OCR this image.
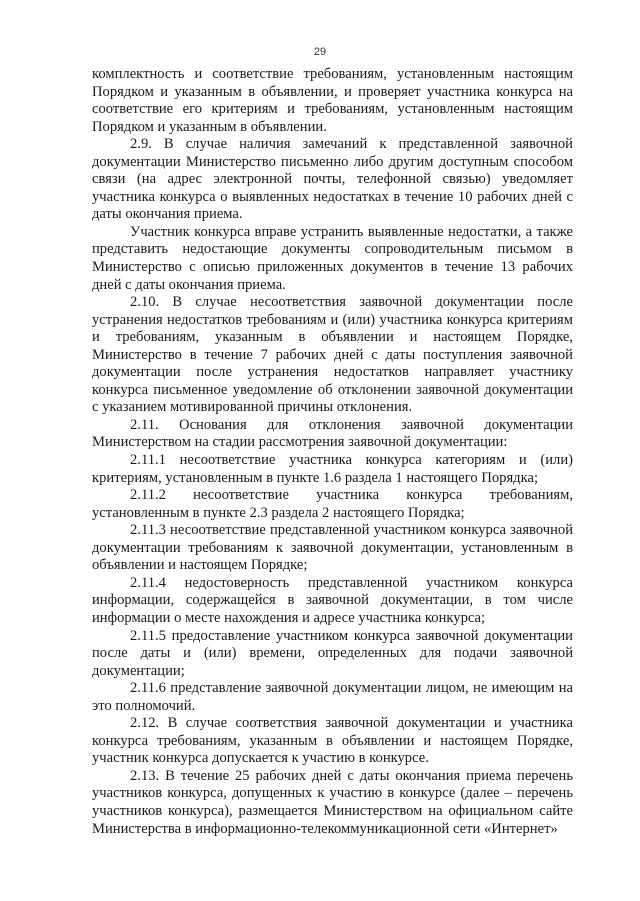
29

комплектность и соответствие требованиям, установленным настоящим Порядком и указанным в объявлении, и проверяет участника конкурса на соответствие его критериям и требованиям, установленным настоящим Порядком и указанным в объявлении.

2.9. В случае наличия замечаний к представленной заявочной документации Министерство письменно либо другим доступным способом связи (на адрес электронной почты, телефонной связью) уведомляет участника конкурса о выявленных недостатках в течение 10 рабочих дней с даты окончания приема.

Участник конкурса вправе устранить выявленные недостатки, а также представить недостающие документы сопроводительным письмом в Министерство с описью приложенных документов в течение 13 рабочих дней с даты окончания приема.

2.10. В случае несоответствия заявочной документации после устранения недостатков требованиям и (или) участника конкурса критериям и требованиям, указанным в объявлении и настоящем Порядке, Министерство в течение 7 рабочих дней с даты поступления заявочной документации после устранения недостатков направляет участнику конкурса письменное уведомление об отклонении заявочной документации с указанием мотивированной причины отклонения.

2.11. Основания для отклонения заявочной документации Министерством на стадии рассмотрения заявочной документации:

2.11.1 несоответствие участника конкурса категориям и (или) критериям, установленным в пункте 1.6 раздела 1 настоящего Порядка;

2.11.2 несоответствие участника конкурса требованиям, установленным в пункте 2.3 раздела 2 настоящего Порядка;

2.11.3 несоответствие представленной участником конкурса заявочной документации требованиям к заявочной документации, установленным в объявлении и настоящем Порядке;

2.11.4 недостоверность представленной участником конкурса информации, содержащейся в заявочной документации, в том числе информации о месте нахождения и адресе участника конкурса;

2.11.5 предоставление участником конкурса заявочной документации после даты и (или) времени, определенных для подачи заявочной документации;

2.11.6 представление заявочной документации лицом, не имеющим на это полномочий.

2.12. В случае соответствия заявочной документации и участника конкурса требованиям, указанным в объявлении и настоящем Порядке, участник конкурса допускается к участию в конкурсе.

2.13. В течение 25 рабочих дней с даты окончания приема перечень участников конкурса, допущенных к участию в конкурсе (далее – перечень участников конкурса), размещается Министерством на официальном сайте Министерства в информационно-телекоммуникационной сети «Интернет»
